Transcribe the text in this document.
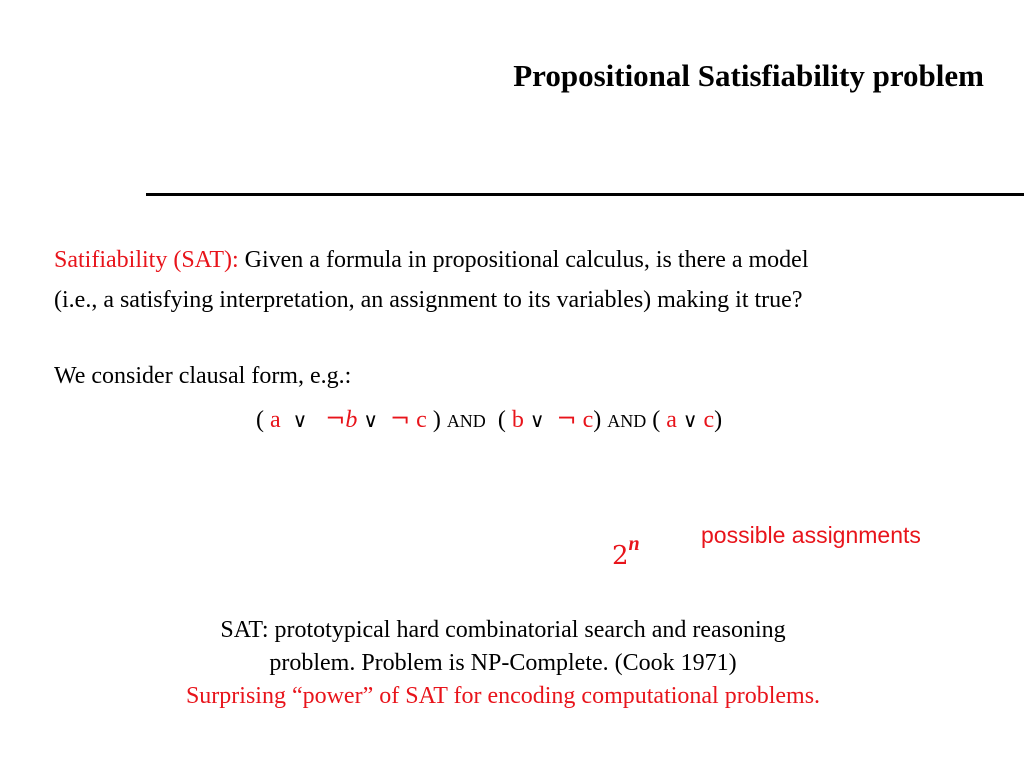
Propositional Satisfiability problem
Satifiability (SAT): Given a formula in propositional calculus, is there a model
(i.e., a satisfying interpretation, an assignment to its variables) making it true?
We consider clausal form, e.g.:
( a ∨ ¬b ∨ ¬ c ) AND ( b ∨ ¬ c) AND ( a ∨ c)
2n	possible assignments
SAT: prototypical hard combinatorial search and reasoning
problem. Problem is NP-Complete. (Cook 1971)
Surprising “power” of SAT for encoding computational problems.
